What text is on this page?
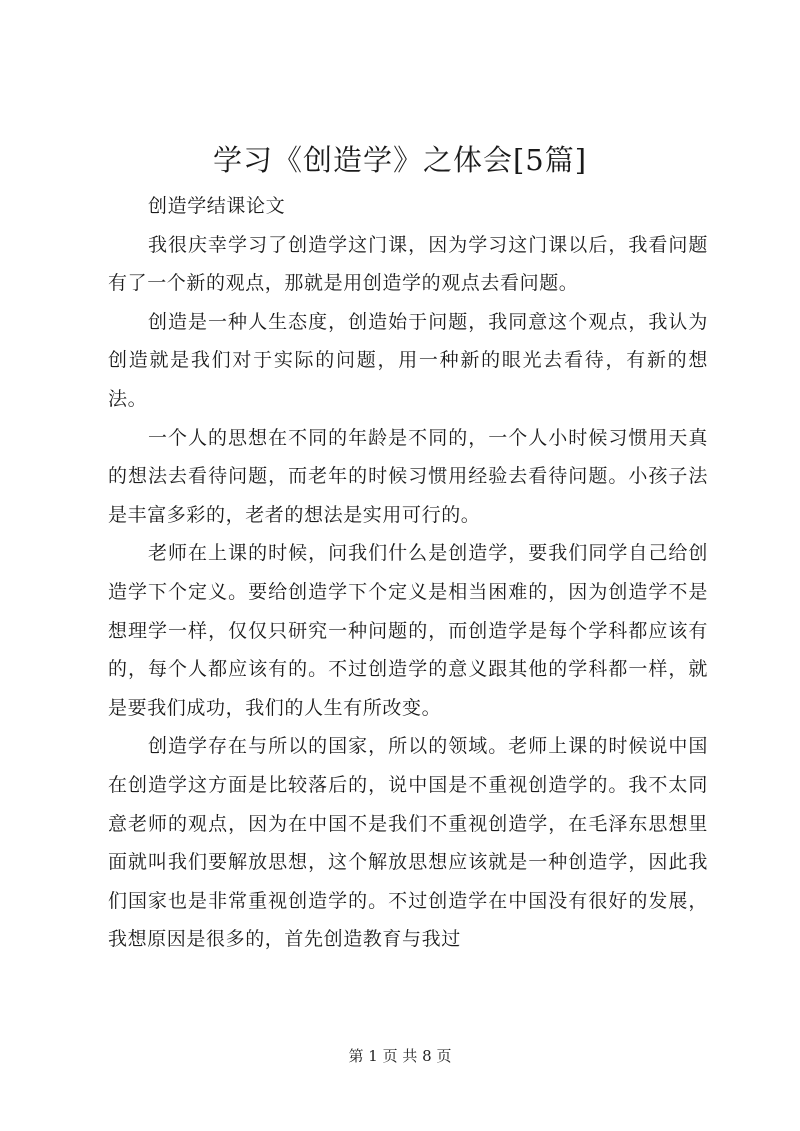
学习《创造学》之体会[5篇]

创造学结课论文

我很庆幸学习了创造学这门课，因为学习这门课以后，我看问题有了一个新的观点，那就是用创造学的观点去看问题。

创造是一种人生态度，创造始于问题，我同意这个观点，我认为创造就是我们对于实际的问题，用一种新的眼光去看待，有新的想法。

一个人的思想在不同的年龄是不同的，一个人小时候习惯用天真的想法去看待问题，而老年的时候习惯用经验去看待问题。小孩子法是丰富多彩的，老者的想法是实用可行的。

老师在上课的时候，问我们什么是创造学，要我们同学自己给创造学下个定义。要给创造学下个定义是相当困难的，因为创造学不是想理学一样，仅仅只研究一种问题的，而创造学是每个学科都应该有的，每个人都应该有的。不过创造学的意义跟其他的学科都一样，就是要我们成功，我们的人生有所改变。

创造学存在与所以的国家，所以的领域。老师上课的时候说中国在创造学这方面是比较落后的，说中国是不重视创造学的。我不太同意老师的观点，因为在中国不是我们不重视创造学，在毛泽东思想里面就叫我们要解放思想，这个解放思想应该就是一种创造学，因此我们国家也是非常重视创造学的。不过创造学在中国没有很好的发展，我想原因是很多的，首先创造教育与我过

第 1 页 共 8 页
